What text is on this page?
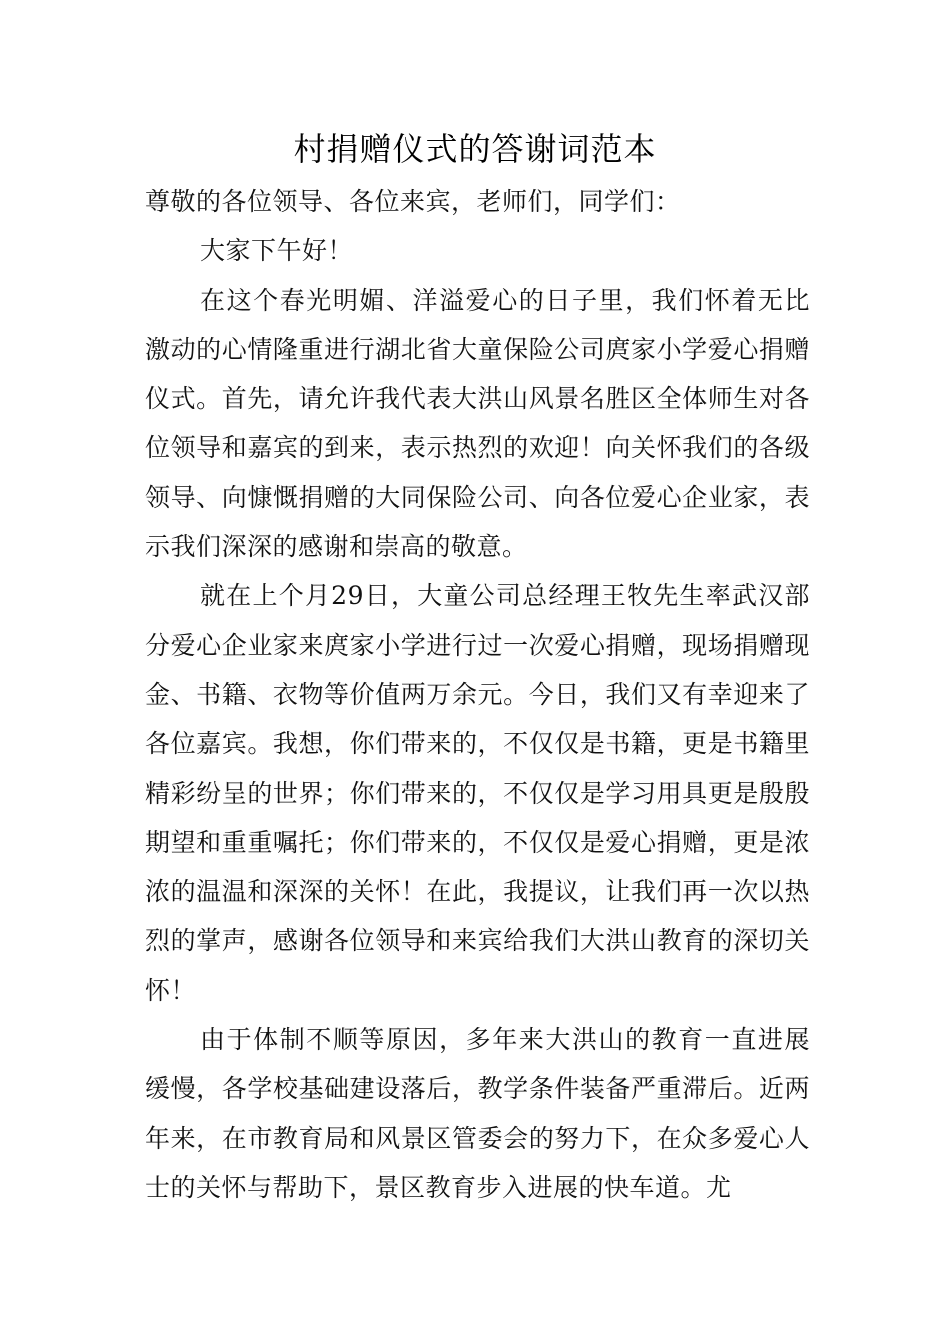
村捐赠仪式的答谢词范本

尊敬的各位领导、各位来宾，老师们，同学们：

大家下午好！

在这个春光明媚、洋溢爱心的日子里，我们怀着无比激动的心情隆重进行湖北省大童保险公司庹家小学爱心捐赠仪式。首先，请允许我代表大洪山风景名胜区全体师生对各位领导和嘉宾的到来，表示热烈的欢迎！向关怀我们的各级领导、向慷慨捐赠的大同保险公司、向各位爱心企业家，表示我们深深的感谢和崇高的敬意。

就在上个月29日，大童公司总经理王牧先生率武汉部分爱心企业家来庹家小学进行过一次爱心捐赠，现场捐赠现金、书籍、衣物等价值两万余元。今日，我们又有幸迎来了各位嘉宾。我想，你们带来的，不仅仅是书籍，更是书籍里精彩纷呈的世界；你们带来的，不仅仅是学习用具更是殷殷期望和重重嘱托；你们带来的，不仅仅是爱心捐赠，更是浓浓的温温和深深的关怀！在此，我提议，让我们再一次以热烈的掌声，感谢各位领导和来宾给我们大洪山教育的深切关怀！

由于体制不顺等原因，多年来大洪山的教育一直进展缓慢，各学校基础建设落后，教学条件装备严重滞后。近两年来，在市教育局和风景区管委会的努力下，在众多爱心人士的关怀与帮助下，景区教育步入进展的快车道。尤
